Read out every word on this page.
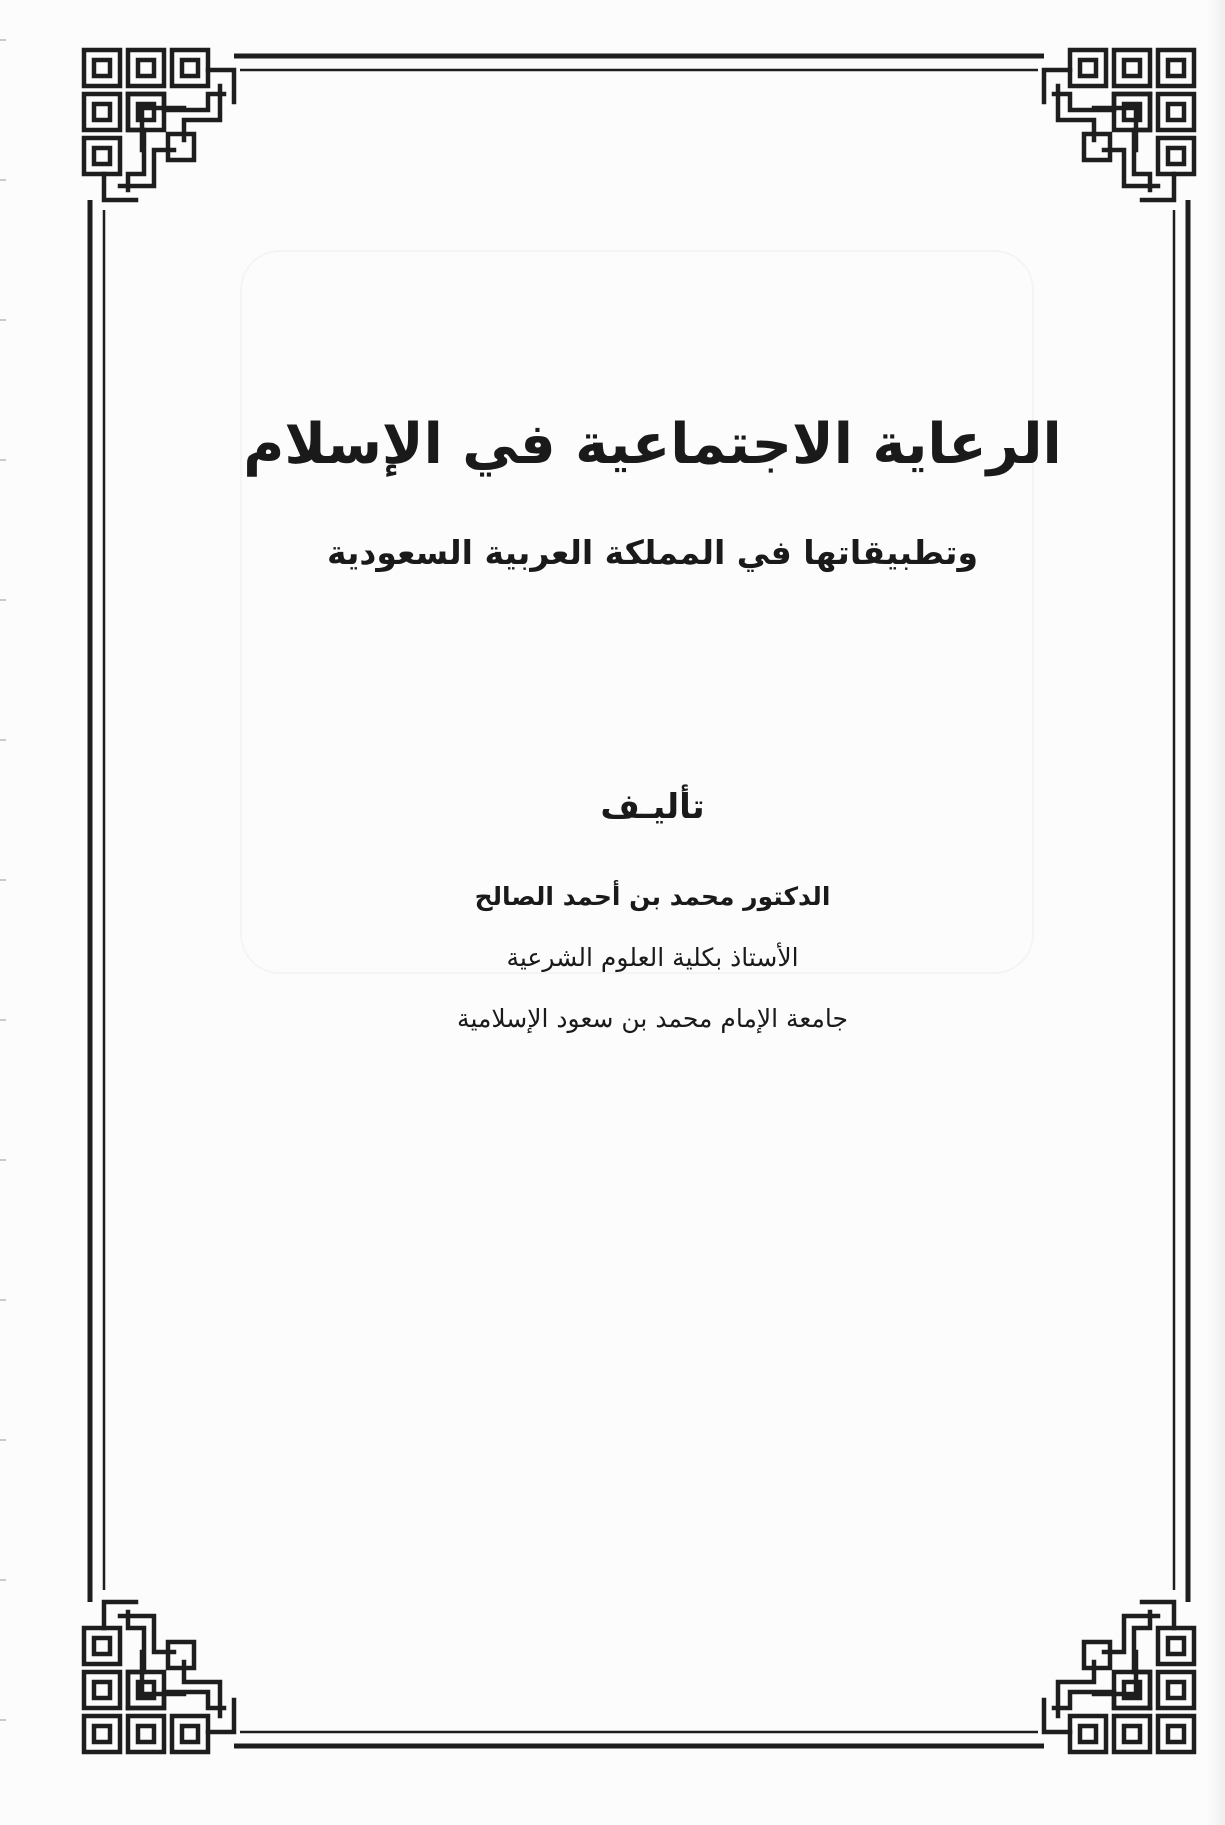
الرعاية الاجتماعية في الإسلام
وتطبيقاتها في المملكة العربية السعودية
تأليـف
الدكتور محمد بن أحمد الصالح
الأستاذ بكلية العلوم الشرعية
جامعة الإمام محمد بن سعود الإسلامية
